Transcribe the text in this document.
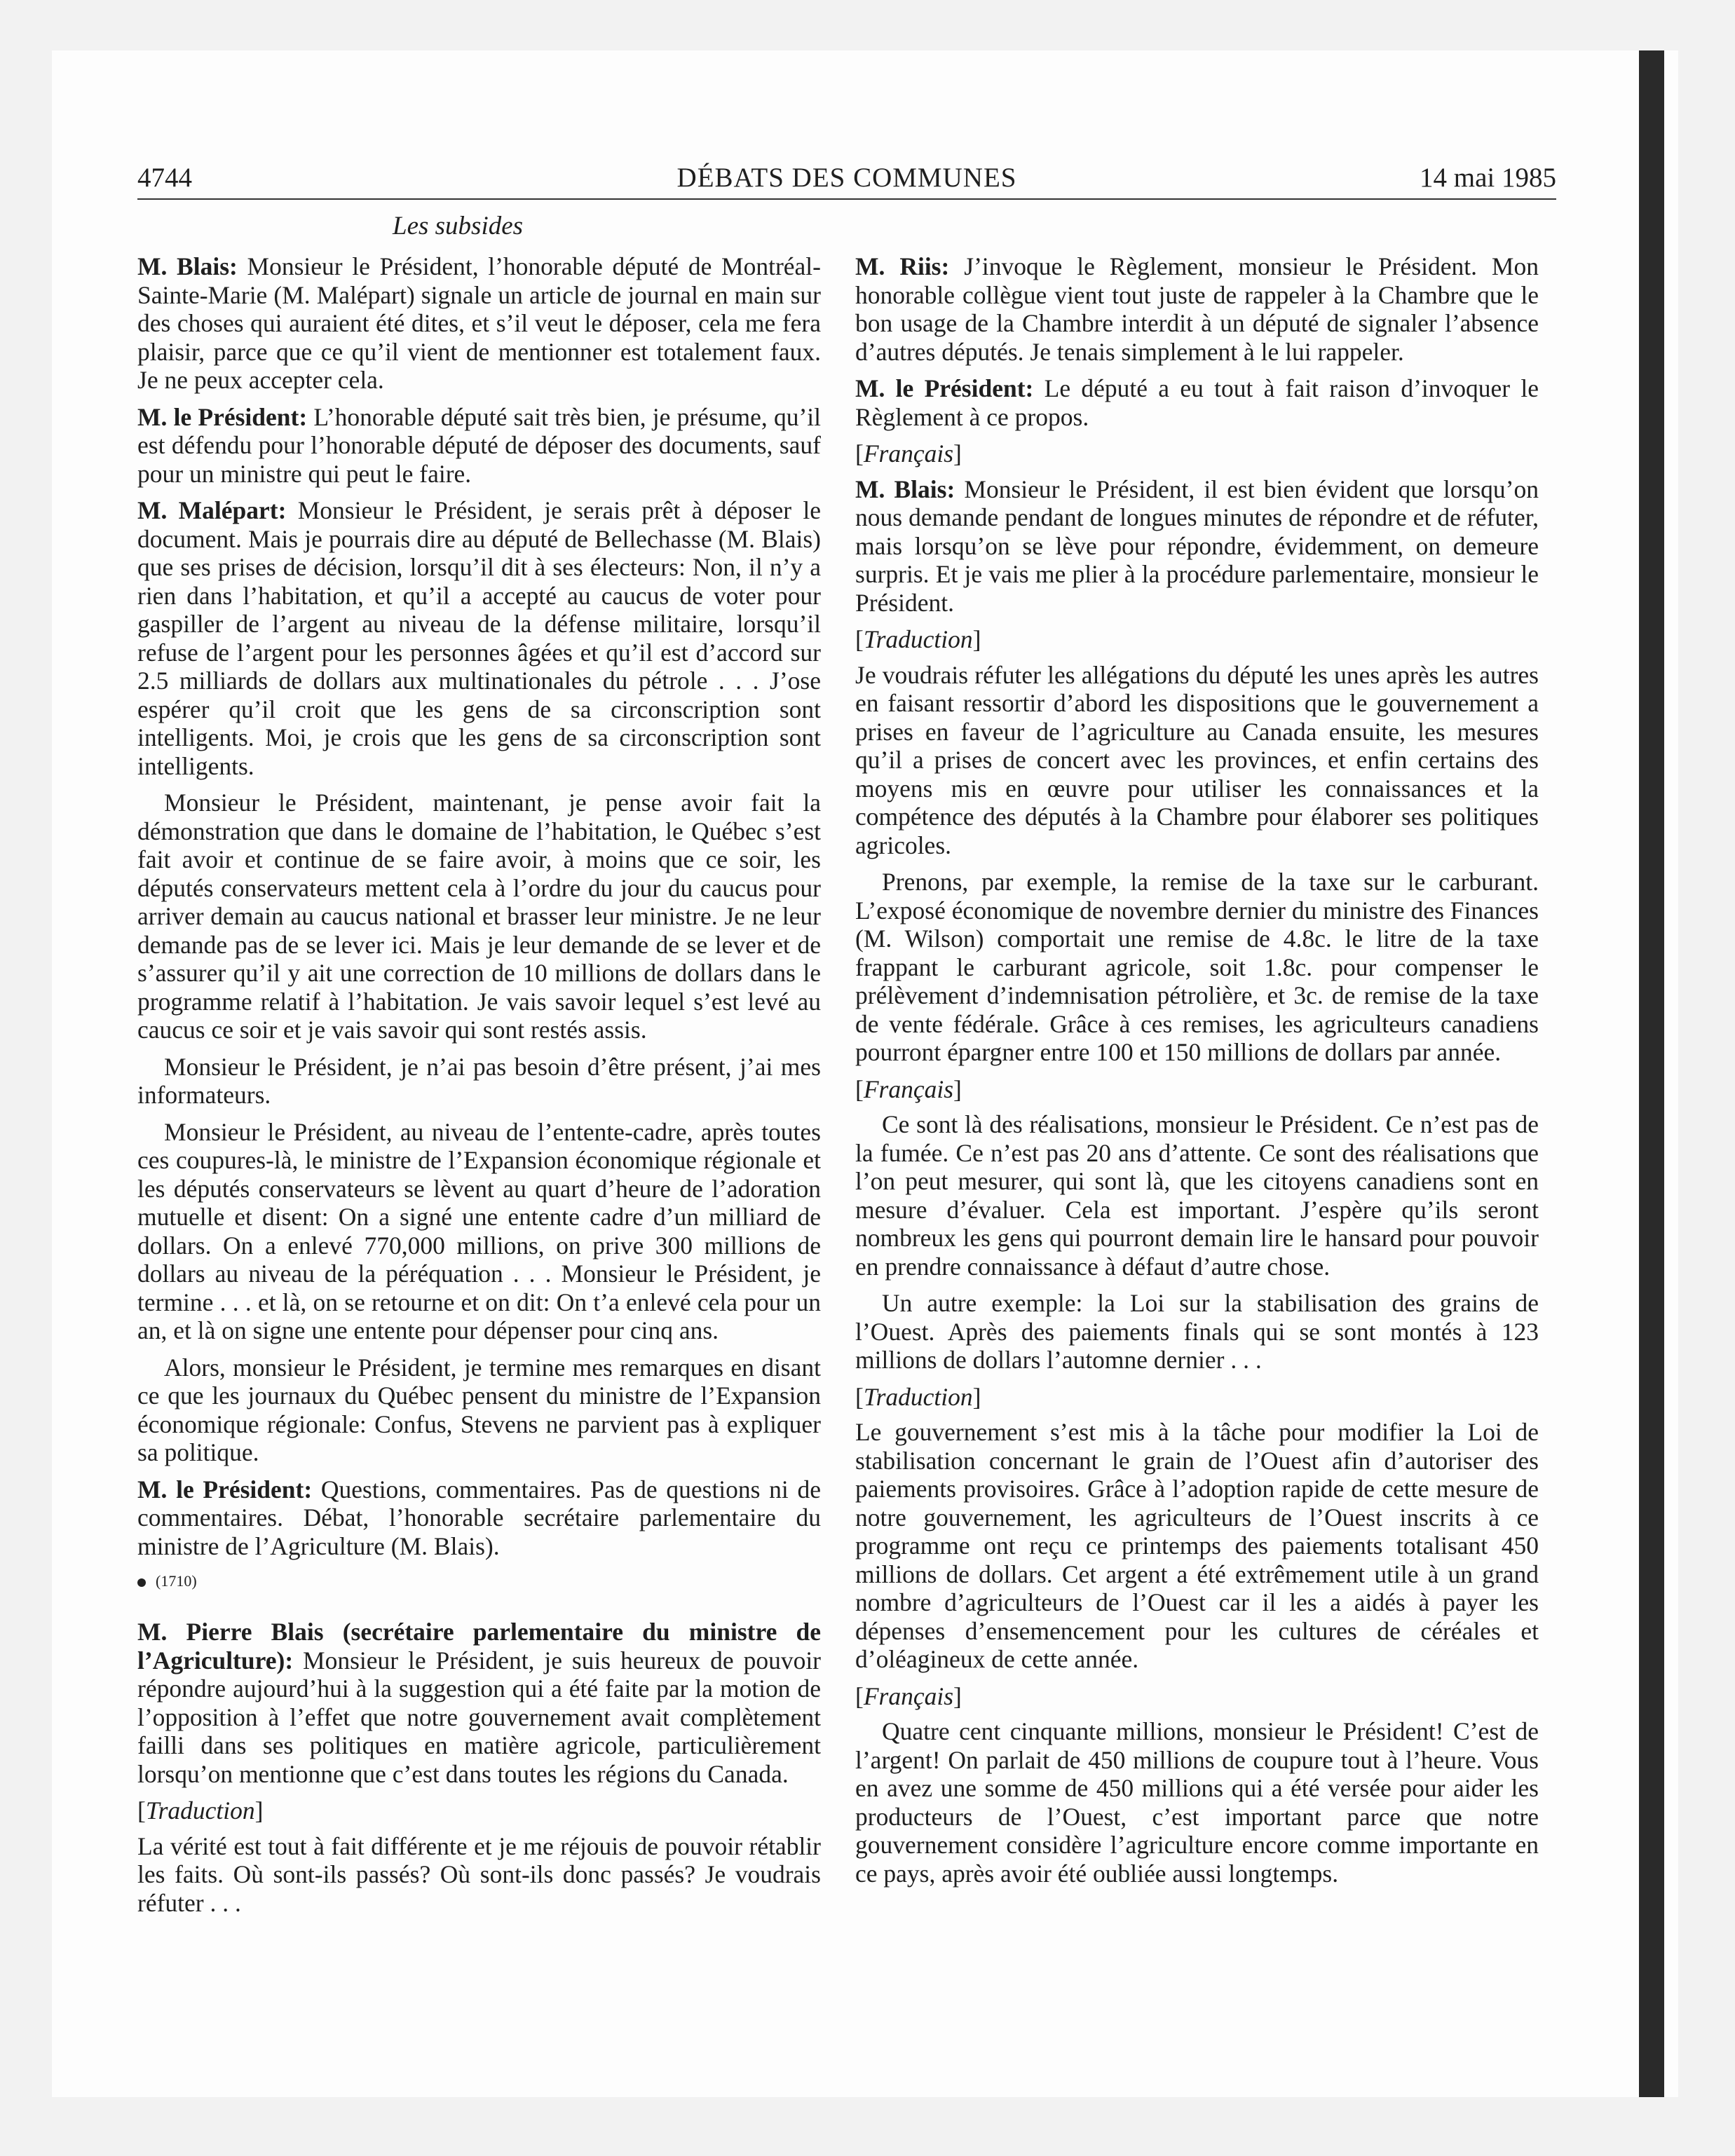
4744	DÉBATS DES COMMUNES	14 mai 1985
Les subsides

M. Blais: Monsieur le Président, l’honorable député de Montréal-Sainte-Marie (M. Malépart) signale un article de journal en main sur des choses qui auraient été dites, et s’il veut le déposer, cela me fera plaisir, parce que ce qu’il vient de mentionner est totalement faux. Je ne peux accepter cela.

M. le Président: L’honorable député sait très bien, je présume, qu’il est défendu pour l’honorable député de déposer des documents, sauf pour un ministre qui peut le faire.

M. Malépart: Monsieur le Président, je serais prêt à déposer le document. Mais je pourrais dire au député de Bellechasse (M. Blais) que ses prises de décision, lorsqu’il dit à ses électeurs: Non, il n’y a rien dans l’habitation, et qu’il a accepté au caucus de voter pour gaspiller de l’argent au niveau de la défense militaire, lorsqu’il refuse de l’argent pour les personnes âgées et qu’il est d’accord sur 2.5 milliards de dollars aux multinationales du pétrole . . . J’ose espérer qu’il croit que les gens de sa circonscription sont intelligents. Moi, je crois que les gens de sa circonscription sont intelligents.

Monsieur le Président, maintenant, je pense avoir fait la démonstration que dans le domaine de l’habitation, le Québec s’est fait avoir et continue de se faire avoir, à moins que ce soir, les députés conservateurs mettent cela à l’ordre du jour du caucus pour arriver demain au caucus national et brasser leur ministre. Je ne leur demande pas de se lever ici. Mais je leur demande de se lever et de s’assurer qu’il y ait une correction de 10 millions de dollars dans le programme relatif à l’habitation. Je vais savoir lequel s’est levé au caucus ce soir et je vais savoir qui sont restés assis.

Monsieur le Président, je n’ai pas besoin d’être présent, j’ai mes informateurs.

Monsieur le Président, au niveau de l’entente-cadre, après toutes ces coupures-là, le ministre de l’Expansion économique régionale et les députés conservateurs se lèvent au quart d’heure de l’adoration mutuelle et disent: On a signé une entente cadre d’un milliard de dollars. On a enlevé 770,000 millions, on prive 300 millions de dollars au niveau de la péréquation . . . Monsieur le Président, je termine . . . et là, on se retourne et on dit: On t’a enlevé cela pour un an, et là on signe une entente pour dépenser pour cinq ans.

Alors, monsieur le Président, je termine mes remarques en disant ce que les journaux du Québec pensent du ministre de l’Expansion économique régionale: Confus, Stevens ne parvient pas à expliquer sa politique.

M. le Président: Questions, commentaires. Pas de questions ni de commentaires. Débat, l’honorable secrétaire parlementaire du ministre de l’Agriculture (M. Blais).

(1710)

M. Pierre Blais (secrétaire parlementaire du ministre de l’Agriculture): Monsieur le Président, je suis heureux de pouvoir répondre aujourd’hui à la suggestion qui a été faite par la motion de l’opposition à l’effet que notre gouvernement avait complètement failli dans ses politiques en matière agricole, particulièrement lorsqu’on mentionne que c’est dans toutes les régions du Canada.

[Traduction]

La vérité est tout à fait différente et je me réjouis de pouvoir rétablir les faits. Où sont-ils passés? Où sont-ils donc passés? Je voudrais réfuter . . .

M. Riis: J’invoque le Règlement, monsieur le Président. Mon honorable collègue vient tout juste de rappeler à la Chambre que le bon usage de la Chambre interdit à un député de signaler l’absence d’autres députés. Je tenais simplement à le lui rappeler.

M. le Président: Le député a eu tout à fait raison d’invoquer le Règlement à ce propos.

[Français]

M. Blais: Monsieur le Président, il est bien évident que lorsqu’on nous demande pendant de longues minutes de répondre et de réfuter, mais lorsqu’on se lève pour répondre, évidemment, on demeure surpris. Et je vais me plier à la procédure parlementaire, monsieur le Président.

[Traduction]

Je voudrais réfuter les allégations du député les unes après les autres en faisant ressortir d’abord les dispositions que le gouvernement a prises en faveur de l’agriculture au Canada ensuite, les mesures qu’il a prises de concert avec les provinces, et enfin certains des moyens mis en œuvre pour utiliser les connaissances et la compétence des députés à la Chambre pour élaborer ses politiques agricoles.

Prenons, par exemple, la remise de la taxe sur le carburant. L’exposé économique de novembre dernier du ministre des Finances (M. Wilson) comportait une remise de 4.8c. le litre de la taxe frappant le carburant agricole, soit 1.8c. pour compenser le prélèvement d’indemnisation pétrolière, et 3c. de remise de la taxe de vente fédérale. Grâce à ces remises, les agriculteurs canadiens pourront épargner entre 100 et 150 millions de dollars par année.

[Français]

Ce sont là des réalisations, monsieur le Président. Ce n’est pas de la fumée. Ce n’est pas 20 ans d’attente. Ce sont des réalisations que l’on peut mesurer, qui sont là, que les citoyens canadiens sont en mesure d’évaluer. Cela est important. J’espère qu’ils seront nombreux les gens qui pourront demain lire le hansard pour pouvoir en prendre connaissance à défaut d’autre chose.

Un autre exemple: la Loi sur la stabilisation des grains de l’Ouest. Après des paiements finals qui se sont montés à 123 millions de dollars l’automne dernier . . .

[Traduction]

Le gouvernement s’est mis à la tâche pour modifier la Loi de stabilisation concernant le grain de l’Ouest afin d’autoriser des paiements provisoires. Grâce à l’adoption rapide de cette mesure de notre gouvernement, les agriculteurs de l’Ouest inscrits à ce programme ont reçu ce printemps des paiements totalisant 450 millions de dollars. Cet argent a été extrêmement utile à un grand nombre d’agriculteurs de l’Ouest car il les a aidés à payer les dépenses d’ensemencement pour les cultures de céréales et d’oléagineux de cette année.

[Français]

Quatre cent cinquante millions, monsieur le Président! C’est de l’argent! On parlait de 450 millions de coupure tout à l’heure. Vous en avez une somme de 450 millions qui a été versée pour aider les producteurs de l’Ouest, c’est important parce que notre gouvernement considère l’agriculture encore comme importante en ce pays, après avoir été oubliée aussi longtemps.
